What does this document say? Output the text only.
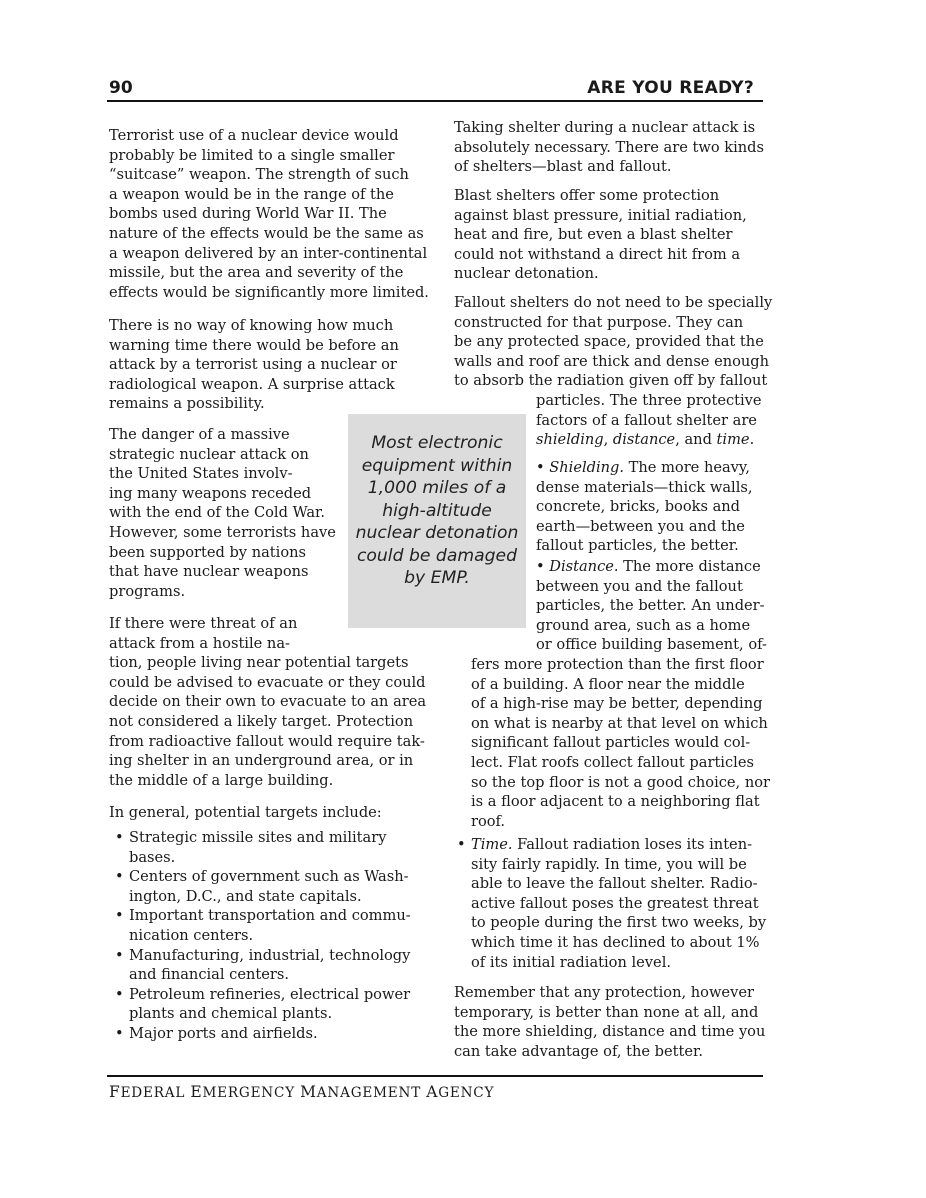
90	ARE YOU READY?

Terrorist use of a nuclear device would
probably be limited to a single smaller
“suitcase” weapon. The strength of such
a weapon would be in the range of the
bombs used during World War II. The
nature of the effects would be the same as
a weapon delivered by an inter-continental
missile, but the area and severity of the
effects would be significantly more limited.

There is no way of knowing how much
warning time there would be before an
attack by a terrorist using a nuclear or
radiological weapon. A surprise attack
remains a possibility.

The danger of a massive
strategic nuclear attack on
the United States involv-
ing many weapons receded
with the end of the Cold War.
However, some terrorists have
been supported by nations
that have nuclear weapons
programs.

If there were threat of an
attack from a hostile na-
tion, people living near potential targets
could be advised to evacuate or they could
decide on their own to evacuate to an area
not considered a likely target. Protection
from radioactive fallout would require tak-
ing shelter in an underground area, or in
the middle of a large building.

In general, potential targets include:

• Strategic missile sites and military
bases.
• Centers of government such as Wash-
ington, D.C., and state capitals.
• Important transportation and commu-
nication centers.
• Manufacturing, industrial, technology
and financial centers.
• Petroleum refineries, electrical power
plants and chemical plants.
• Major ports and airfields.

Most electronic equipment within 1,000 miles of a high-altitude nuclear detonation could be damaged by EMP.

Taking shelter during a nuclear attack is
absolutely necessary. There are two kinds
of shelters—blast and fallout.

Blast shelters offer some protection
against blast pressure, initial radiation,
heat and fire, but even a blast shelter
could not withstand a direct hit from a
nuclear detonation.

Fallout shelters do not need to be specially
constructed for that purpose. They can
be any protected space, provided that the
walls and roof are thick and dense enough
to absorb the radiation given off by fallout

particles. The three protective
factors of a fallout shelter are
shielding, distance, and time.

• Shielding. The more heavy,
dense materials—thick walls,
concrete, bricks, books and
earth—between you and the
fallout particles, the better.

• Distance. The more distance
between you and the fallout
particles, the better. An under-
ground area, such as a home
or office building basement, of-

fers more protection than the first floor
of a building. A floor near the middle
of a high-rise may be better, depending
on what is nearby at that level on which
significant fallout particles would col-
lect. Flat roofs collect fallout particles
so the top floor is not a good choice, nor
is a floor adjacent to a neighboring flat
roof.

• Time. Fallout radiation loses its inten-
sity fairly rapidly. In time, you will be
able to leave the fallout shelter. Radio-
active fallout poses the greatest threat
to people during the first two weeks, by
which time it has declined to about 1%
of its initial radiation level.

Remember that any protection, however
temporary, is better than none at all, and
the more shielding, distance and time you
can take advantage of, the better.

FEDERAL EMERGENCY MANAGEMENT AGENCY
